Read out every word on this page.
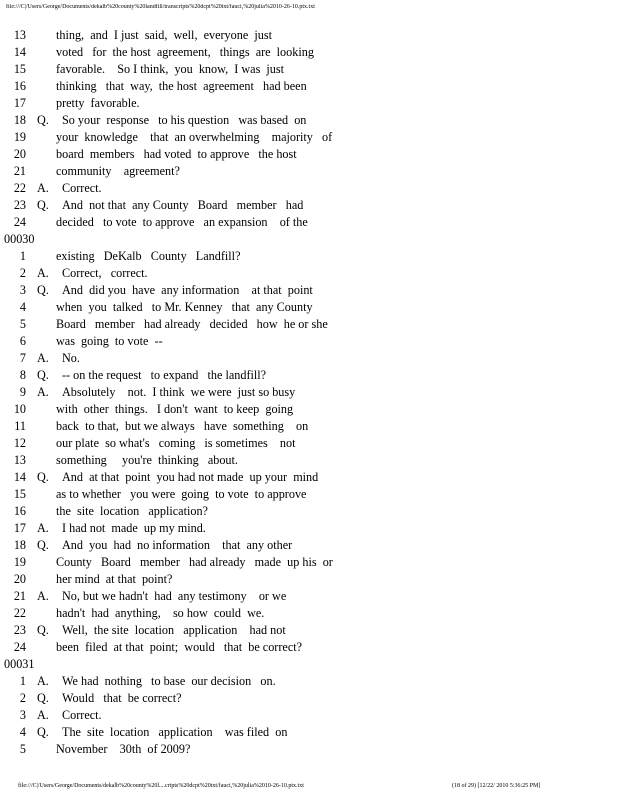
file:///C|/Users/George/Documents/dekalb%20county%20landfill/transcripts%20dcpt%20txt/fauci,%20julia%2010-26-10.ptx.txt
13 thing,  and  I just  said,  well,  everyone  just
14 voted   for  the host  agreement,   things  are  looking
15 favorable.    So I think,  you  know,  I was  just
16 thinking   that  way,  the host  agreement   had been
17 pretty  favorable.
18 Q. So your  response   to his question   was based  on
19 your  knowledge    that  an overwhelming    majority   of
20 board  members   had voted  to approve   the host
21 community    agreement?
22 A. Correct.
23 Q. And  not that  any County   Board   member   had
24 decided   to vote  to approve   an expansion    of the
00030
1 existing   DeKalb   County   Landfill?
2 A. Correct,   correct.
3 Q. And  did you  have  any information    at that  point
4 when  you  talked   to Mr. Kenney   that  any County
5 Board   member   had already   decided   how  he or she
6 was  going  to vote  --
7 A. No.
8 Q. -- on the request   to expand   the landfill?
9 A. Absolutely    not.  I think  we were  just so busy
10 with  other  things.   I don't  want  to keep  going
11 back  to that,  but we always   have  something    on
12 our plate  so what's   coming   is sometimes    not
13 something     you're  thinking   about.
14 Q. And  at that  point  you had not made  up your  mind
15 as to whether   you were  going  to vote  to approve
16 the  site  location   application?
17 A. I had not  made  up my mind.
18 Q. And  you  had  no information    that  any other
19 County   Board   member   had already   made  up his  or
20 her mind  at that  point?
21 A. No, but we hadn't  had  any testimony    or we
22 hadn't  had  anything,    so how  could  we.
23 Q. Well,  the site  location   application    had not
24 been  filed  at that  point;  would   that  be correct?
00031
1 A. We had  nothing   to base  our decision   on.
2 Q. Would   that  be correct?
3 A. Correct.
4 Q. The  site  location   application    was filed  on
5 November    30th  of 2009?
file:///C|/Users/George/Documents/dekalb%20county%20l....cripts%20dcpt%20txt/fauci,%20julia%2010-26-10.ptx.txt	(18 of 29) [12/22/ 2010 5:36:25 PM]
